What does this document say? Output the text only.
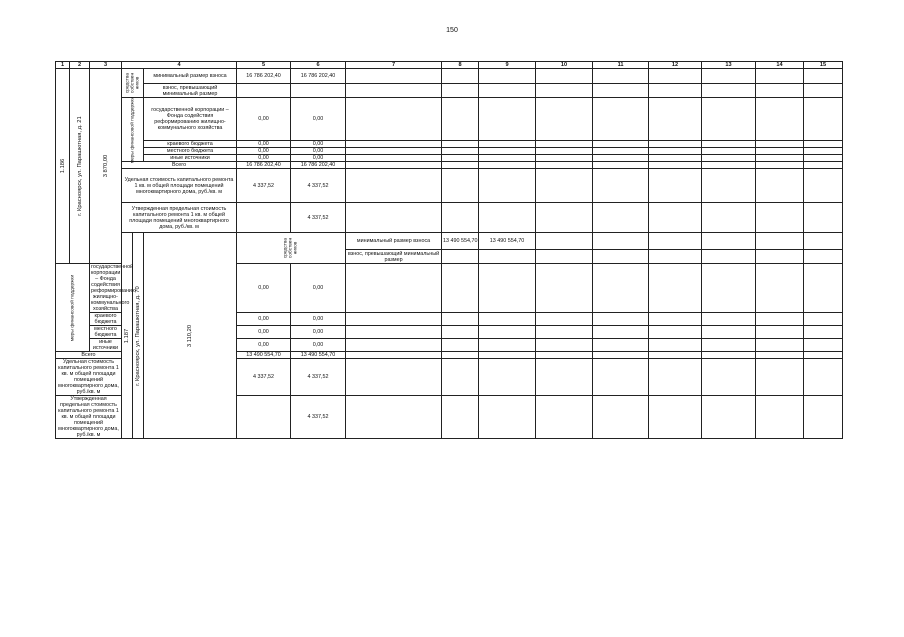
150
1	2	3	4			5	6	7	8	9	10	11	12	13	14	15	

1.186	г. Красноярск, ул. Парашютная, д. 21	3 870,00	средства собствен ников		минимальный размер взноса	16 786 202,40	16 786 202,40										
					взнос, превышающий минимальный размер												

			меры финансовой поддержки		государственной корпорации – Фонда содействия реформированию жилищно-коммунального хозяйства	0,00	0,00										
					краевого бюджета	0,00	0,00										
					местного бюджета	0,00	0,00										
					иные источники	0,00	0,00										
			Всего			16 786 202,40	16 786 202,40										
			Удельная стоимость капитального ремонта 1 кв. м общей площади помещений многоквартирного дома, руб./кв. м			4 337,52	4 337,52										
			Утвержденная предельная стоимость капитального ремонта 1 кв. м общей площади помещений многоквартирного дома, руб./кв. м				4 337,52										

			1.187	г. Красноярск, ул. Парашютная, д. 70	3 110,20	средства собствен ников		минимальный размер взноса	13 490 554,70	13 490 554,70									
								взнос, превышающий минимальный размер											

меры финансовой поддержки		государственной корпорации – Фонда содействия реформированию жилищно-коммунального хозяйства				0,00	0,00										
		краевого бюджета				0,00	0,00										
		местного бюджета				0,00	0,00										
		иные источники				0,00	0,00										
Всего						13 490 554,70	13 490 554,70										
Удельная стоимость капитального ремонта 1 кв. м общей площади помещений многоквартирного дома, руб./кв. м						4 337,52	4 337,52										
Утвержденная предельная стоимость капитального ремонта 1 кв. м общей площади помещений многоквартирного дома, руб./кв. м							4 337,52										
